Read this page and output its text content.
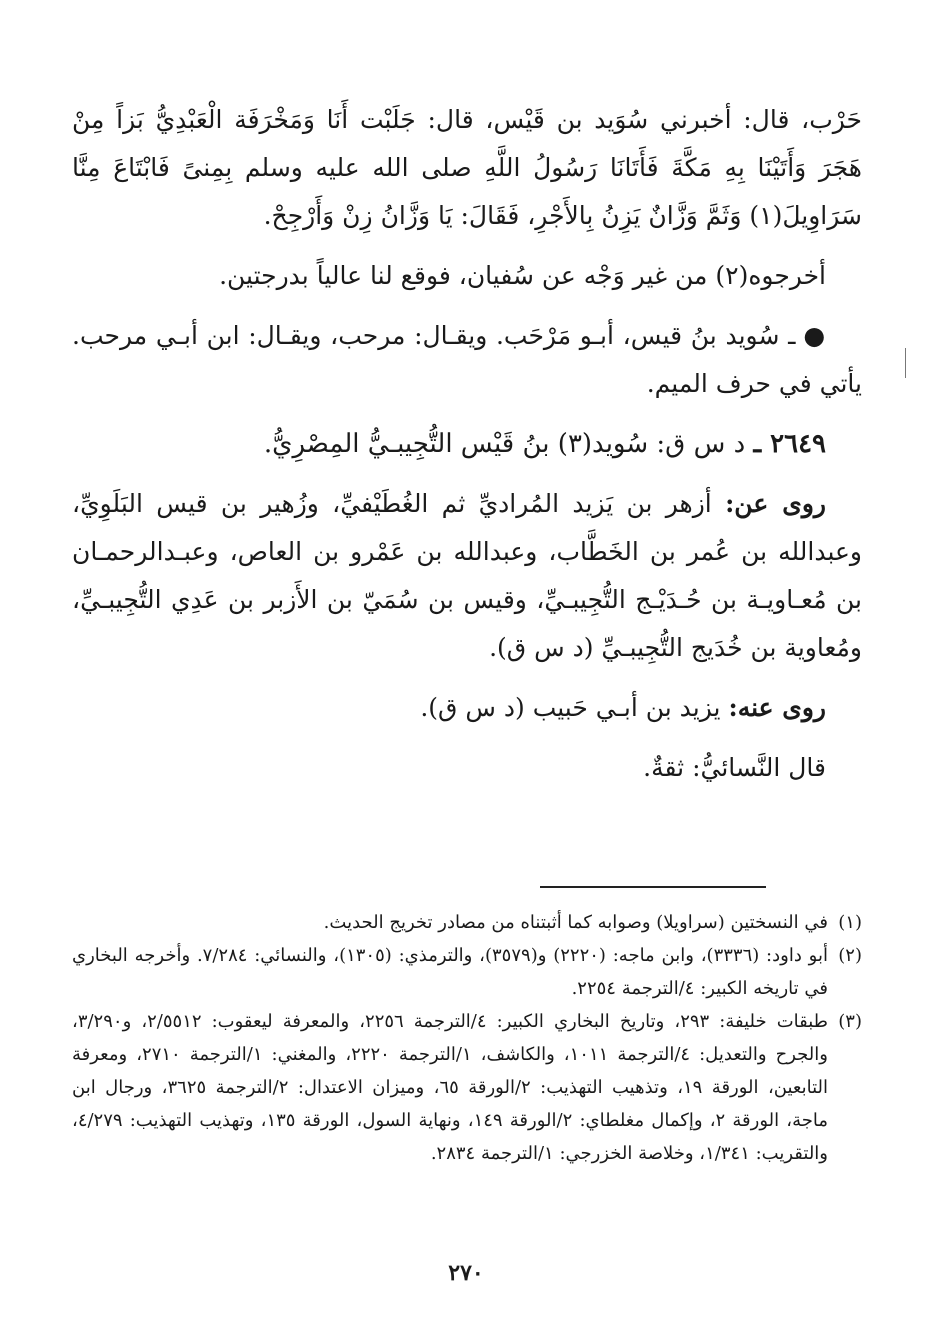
حَرْب، قال: أخبرني سُوَيد بن قَيْس، قال: جَلَبْت أَنَا وَمَخْرَفَة الْعَبْدِيُّ بَزاً مِنْ هَجَرَ وَأَتَيْنَا بِهِ مَكَّةَ فَأَتَانَا رَسُولُ اللَّهِ صلى الله عليه وسلم بِمِنىً فَابْتَاعَ مِنَّا سَرَاوِيلَ(١) وَثَمَّ وَزَّانٌ يَزِنُ بِالأَجْرِ، فَقَالَ: يَا وَزَّانُ زِنْ وَأَرْجِحْ.

أخرجوه(٢) من غير وَجْه عن سُفيان، فوقع لنا عالياً بدرجتين.

●ـ سُويد بنُ قيس، أبـو مَرْحَب. ويقـال: مرحب، ويقـال: ابن أبـي مرحب. يأتي في حرف الميم.

٢٦٤٩ ـ د س ق: سُويد(٣) بنُ قَيْس التُّجِيبـيُّ المِصْرِيُّ.

روى عن: أزهر بن يَزيد المُراديِّ ثم الغُطَيْفيِّ، وزُهير بن قيس البَلَوِيِّ، وعبدالله بن عُمر بن الخَطَّاب، وعبدالله بن عَمْرو بن العاص، وعبـدالرحمـان بن مُعـاويـة بن حُـدَيْـج التُّجِيبـيِّ، وقيس بن سُمَيّ بن الأَزبر بن عَدِي التُّجِيبـيِّ، ومُعاوية بن خُدَيج التُّجِيبـيِّ (د س ق).

روى عنه: يزيد بن أبـي حَبيب (د س ق).

قال النَّسائيُّ: ثقةٌ.

(١)
في النسختين (سراويلا) وصوابه كما أثبتناه من مصادر تخريج الحديث.
(٢)
أبو داود: (٣٣٣٦)، وابن ماجه: (٢٢٢٠) و(٣٥٧٩)، والترمذي: (١٣٠٥)، والنسائي: ٧/٢٨٤. وأخرجه البخاري في تاريخه الكبير: ٤/الترجمة ٢٢٥٤.
(٣)
طبقات خليفة: ٢٩٣، وتاريخ البخاري الكبير: ٤/الترجمة ٢٢٥٦، والمعرفة ليعقوب: ٢/٥٥١٢، و٣/٢٩٠، والجرح والتعديل: ٤/الترجمة ١٠١١، والكاشف، ١/الترجمة ٢٢٢٠، والمغني: ١/الترجمة ٢٧١٠، ومعرفة التابعين، الورقة ١٩، وتذهيب التهذيب: ٢/الورقة ٦٥، وميزان الاعتدال: ٢/الترجمة ٣٦٢٥، ورجال ابن ماجة، الورقة ٢، وإكمال مغلطاي: ٢/الورقة ١٤٩، ونهاية السول، الورقة ١٣٥، وتهذيب التهذيب: ٤/٢٧٩، والتقريب: ١/٣٤١، وخلاصة الخزرجي: ١/الترجمة ٢٨٣٤.
٢٧٠
